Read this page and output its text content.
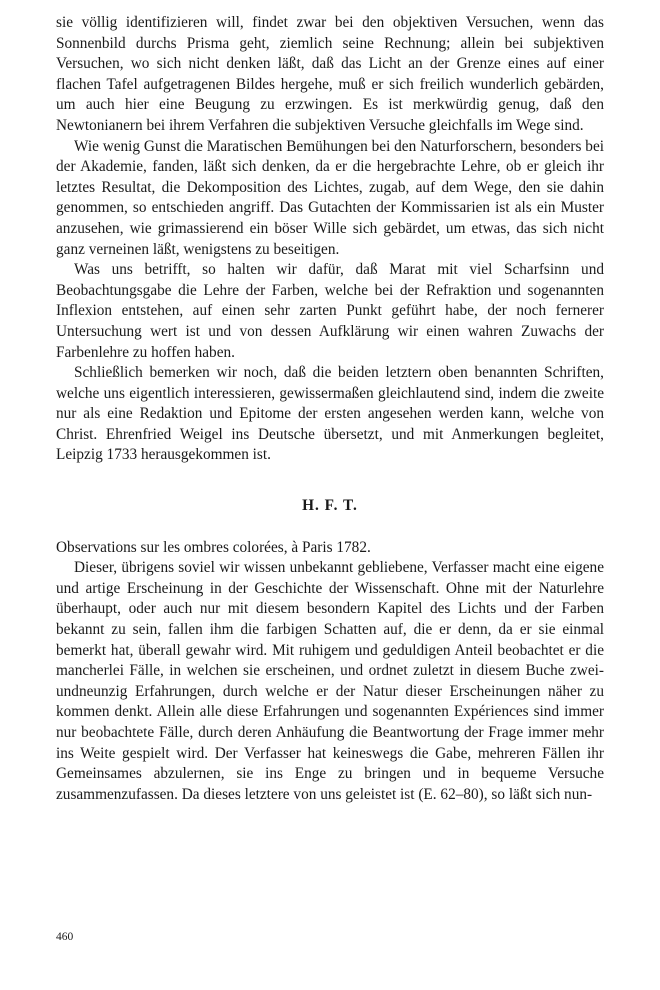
sie völlig identifizieren will, findet zwar bei den objektiven Versuchen, wenn das Sonnenbild durchs Prisma geht, ziemlich seine Rechnung; allein bei subjektiven Versuchen, wo sich nicht denken läßt, daß das Licht an der Grenze eines auf einer flachen Tafel aufgetragenen Bildes hergehe, muß er sich freilich wunderlich gebärden, um auch hier eine Beugung zu erzwingen. Es ist merkwürdig genug, daß den Newtonianern bei ihrem Verfahren die subjektiven Versuche gleichfalls im Wege sind.

Wie wenig Gunst die Maratischen Bemühungen bei den Naturforschern, besonders bei der Akademie, fanden, läßt sich denken, da er die hergebrachte Lehre, ob er gleich ihr letztes Resultat, die Dekomposition des Lichtes, zugab, auf dem Wege, den sie dahin genommen, so entschieden angriff. Das Gutachten der Kommissarien ist als ein Muster anzusehen, wie grimassierend ein böser Wille sich gebärdet, um etwas, das sich nicht ganz verneinen läßt, wenigstens zu beseitigen.

Was uns betrifft, so halten wir dafür, daß Marat mit viel Scharfsinn und Beobachtungsgabe die Lehre der Farben, welche bei der Refraktion und sogenannten Inflexion entstehen, auf einen sehr zarten Punkt geführt habe, der noch fernerer Untersuchung wert ist und von dessen Aufklärung wir einen wahren Zuwachs der Farbenlehre zu hoffen haben.

Schließlich bemerken wir noch, daß die beiden letztern oben benannten Schriften, welche uns eigentlich interessieren, gewissermaßen gleichlautend sind, indem die zweite nur als eine Redaktion und Epitome der ersten angesehen werden kann, welche von Christ. Ehrenfried Weigel ins Deutsche übersetzt, und mit Anmerkungen begleitet, Leipzig 1733 herausgekommen ist.

H. F. T.

Observations sur les ombres colorées, à Paris 1782.

Dieser, übrigens soviel wir wissen unbekannt gebliebene, Verfasser macht eine eigene und artige Erscheinung in der Geschichte der Wissenschaft. Ohne mit der Naturlehre überhaupt, oder auch nur mit diesem besondern Kapitel des Lichts und der Farben bekannt zu sein, fallen ihm die farbigen Schatten auf, die er denn, da er sie einmal bemerkt hat, überall gewahr wird. Mit ruhigem und geduldigen Anteil beobachtet er die mancherlei Fälle, in welchen sie erscheinen, und ordnet zuletzt in diesem Buche zweiundneunzig Erfahrungen, durch welche er der Natur dieser Erscheinungen näher zu kommen denkt. Allein alle diese Erfahrungen und sogenannten Expériences sind immer nur beobachtete Fälle, durch deren Anhäufung die Beantwortung der Frage immer mehr ins Weite gespielt wird. Der Verfasser hat keineswegs die Gabe, mehreren Fällen ihr Gemeinsames abzulernen, sie ins Enge zu bringen und in bequeme Versuche zusammenzufassen. Da dieses letztere von uns geleistet ist (E. 62–80), so läßt sich nun-

460
